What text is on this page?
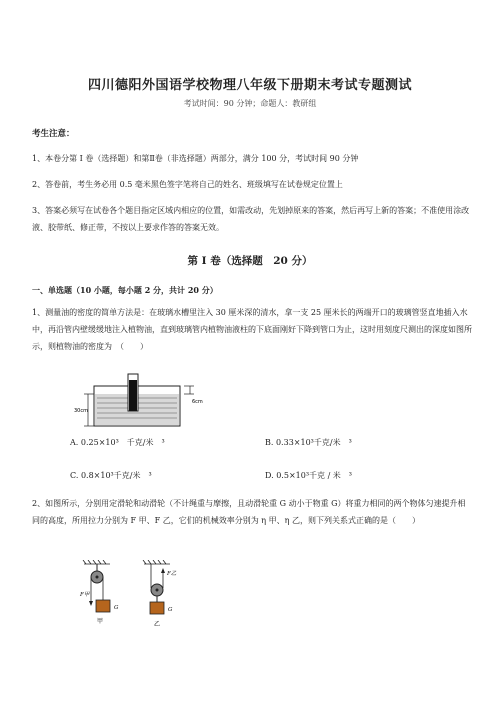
四川德阳外国语学校物理八年级下册期末考试专题测试
考试时间：90 分钟；命题人：教研组
考生注意：
1、本卷分第 I 卷（选择题）和第Ⅱ卷（非选择题）两部分，满分 100 分，考试时间 90 分钟
2、答卷前，考生务必用 0.5 毫米黑色签字笔将自己的姓名、班级填写在试卷规定位置上
3、答案必须写在试卷各个题目指定区域内相应的位置，如需改动，先划掉原来的答案，然后再写上新的答案；不准使用涂改液、胶带纸、修正带，不按以上要求作答的答案无效。
第 I 卷（选择题　20 分）
一、单选题（10 小题，每小题 2 分，共计 20 分）
1、测量油的密度的简单方法是：在玻璃水槽里注入 30 厘米深的清水，拿一支 25 厘米长的两端开口的玻璃管竖直地插入水中，再沿管内壁缓缓地注入植物油，直到玻璃管内植物油液柱的下底面刚好下降到管口为止，这时用刻度尺测出的深度如图所示，则植物油的密度为　（　　）
30cm
6cm
A. 0.25×10³　千克/米　³	B. 0.33×10³千克/米　³
C. 0.8×10³千克/米　³	D. 0.5×10³千克 / 米　³
2、如图所示，分别用定滑轮和动滑轮（不计绳重与摩擦，且动滑轮重 G 动小于物重 G）将重力相同的两个物体匀速提升相同的高度，所用拉力分别为 F 甲、F 乙，它们的机械效率分别为 η 甲、η 乙，则下列关系式正确的是（　　）
F甲
G
甲
F乙
G
乙
